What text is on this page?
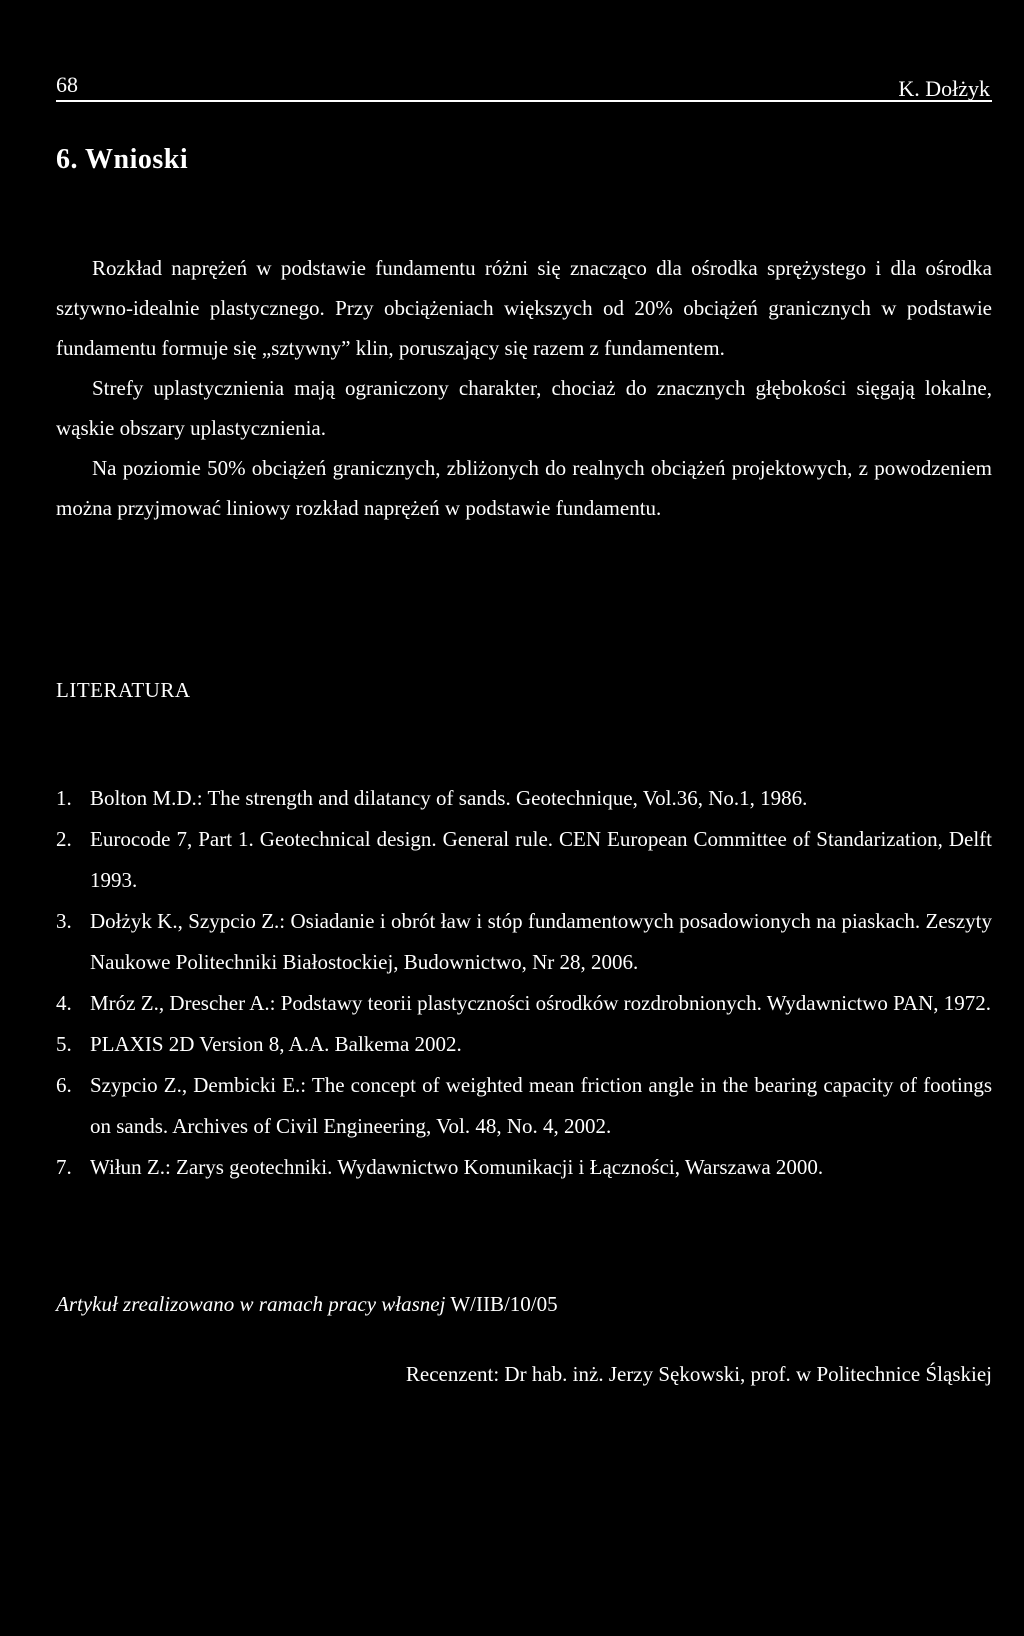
68	K. Dołżyk
6. Wnioski

Rozkład naprężeń w podstawie fundamentu różni się znacząco dla ośrodka sprężystego i dla ośrodka sztywno-idealnie plastycznego. Przy obciążeniach większych od 20% obciążeń granicznych w podstawie fundamentu formuje się „sztywny” klin, poruszający się razem z fundamentem.

Strefy uplastycznienia mają ograniczony charakter, chociaż do znacznych głębokości sięgają lokalne, wąskie obszary uplastycznienia.

Na poziomie 50% obciążeń granicznych, zbliżonych do realnych obciążeń projektowych, z powodzeniem można przyjmować liniowy rozkład naprężeń w podstawie fundamentu.

LITERATURA
1. Bolton M.D.: The strength and dilatancy of sands. Geotechnique, Vol.36, No.1, 1986.
2. Eurocode 7, Part 1. Geotechnical design. General rule. CEN European Committee of Standarization, Delft 1993.
3. Dołżyk K., Szypcio Z.: Osiadanie i obrót ław i stóp fundamentowych posadowionych na piaskach. Zeszyty Naukowe Politechniki Białostockiej, Budownictwo, Nr 28, 2006.
4. Mróz Z., Drescher A.: Podstawy teorii plastyczności ośrodków rozdrobnionych. Wydawnictwo PAN, 1972.
5. PLAXIS 2D Version 8, A.A. Balkema 2002.
6. Szypcio Z., Dembicki E.: The concept of weighted mean friction angle in the bearing capacity of footings on sands. Archives of Civil Engineering, Vol. 48, No. 4, 2002.
7. Wiłun Z.: Zarys geotechniki. Wydawnictwo Komunikacji i Łączności, Warszawa 2000.
Artykuł zrealizowano w ramach pracy własnej W/IIB/10/05
Recenzent: Dr hab. inż. Jerzy Sękowski, prof. w Politechnice Śląskiej
